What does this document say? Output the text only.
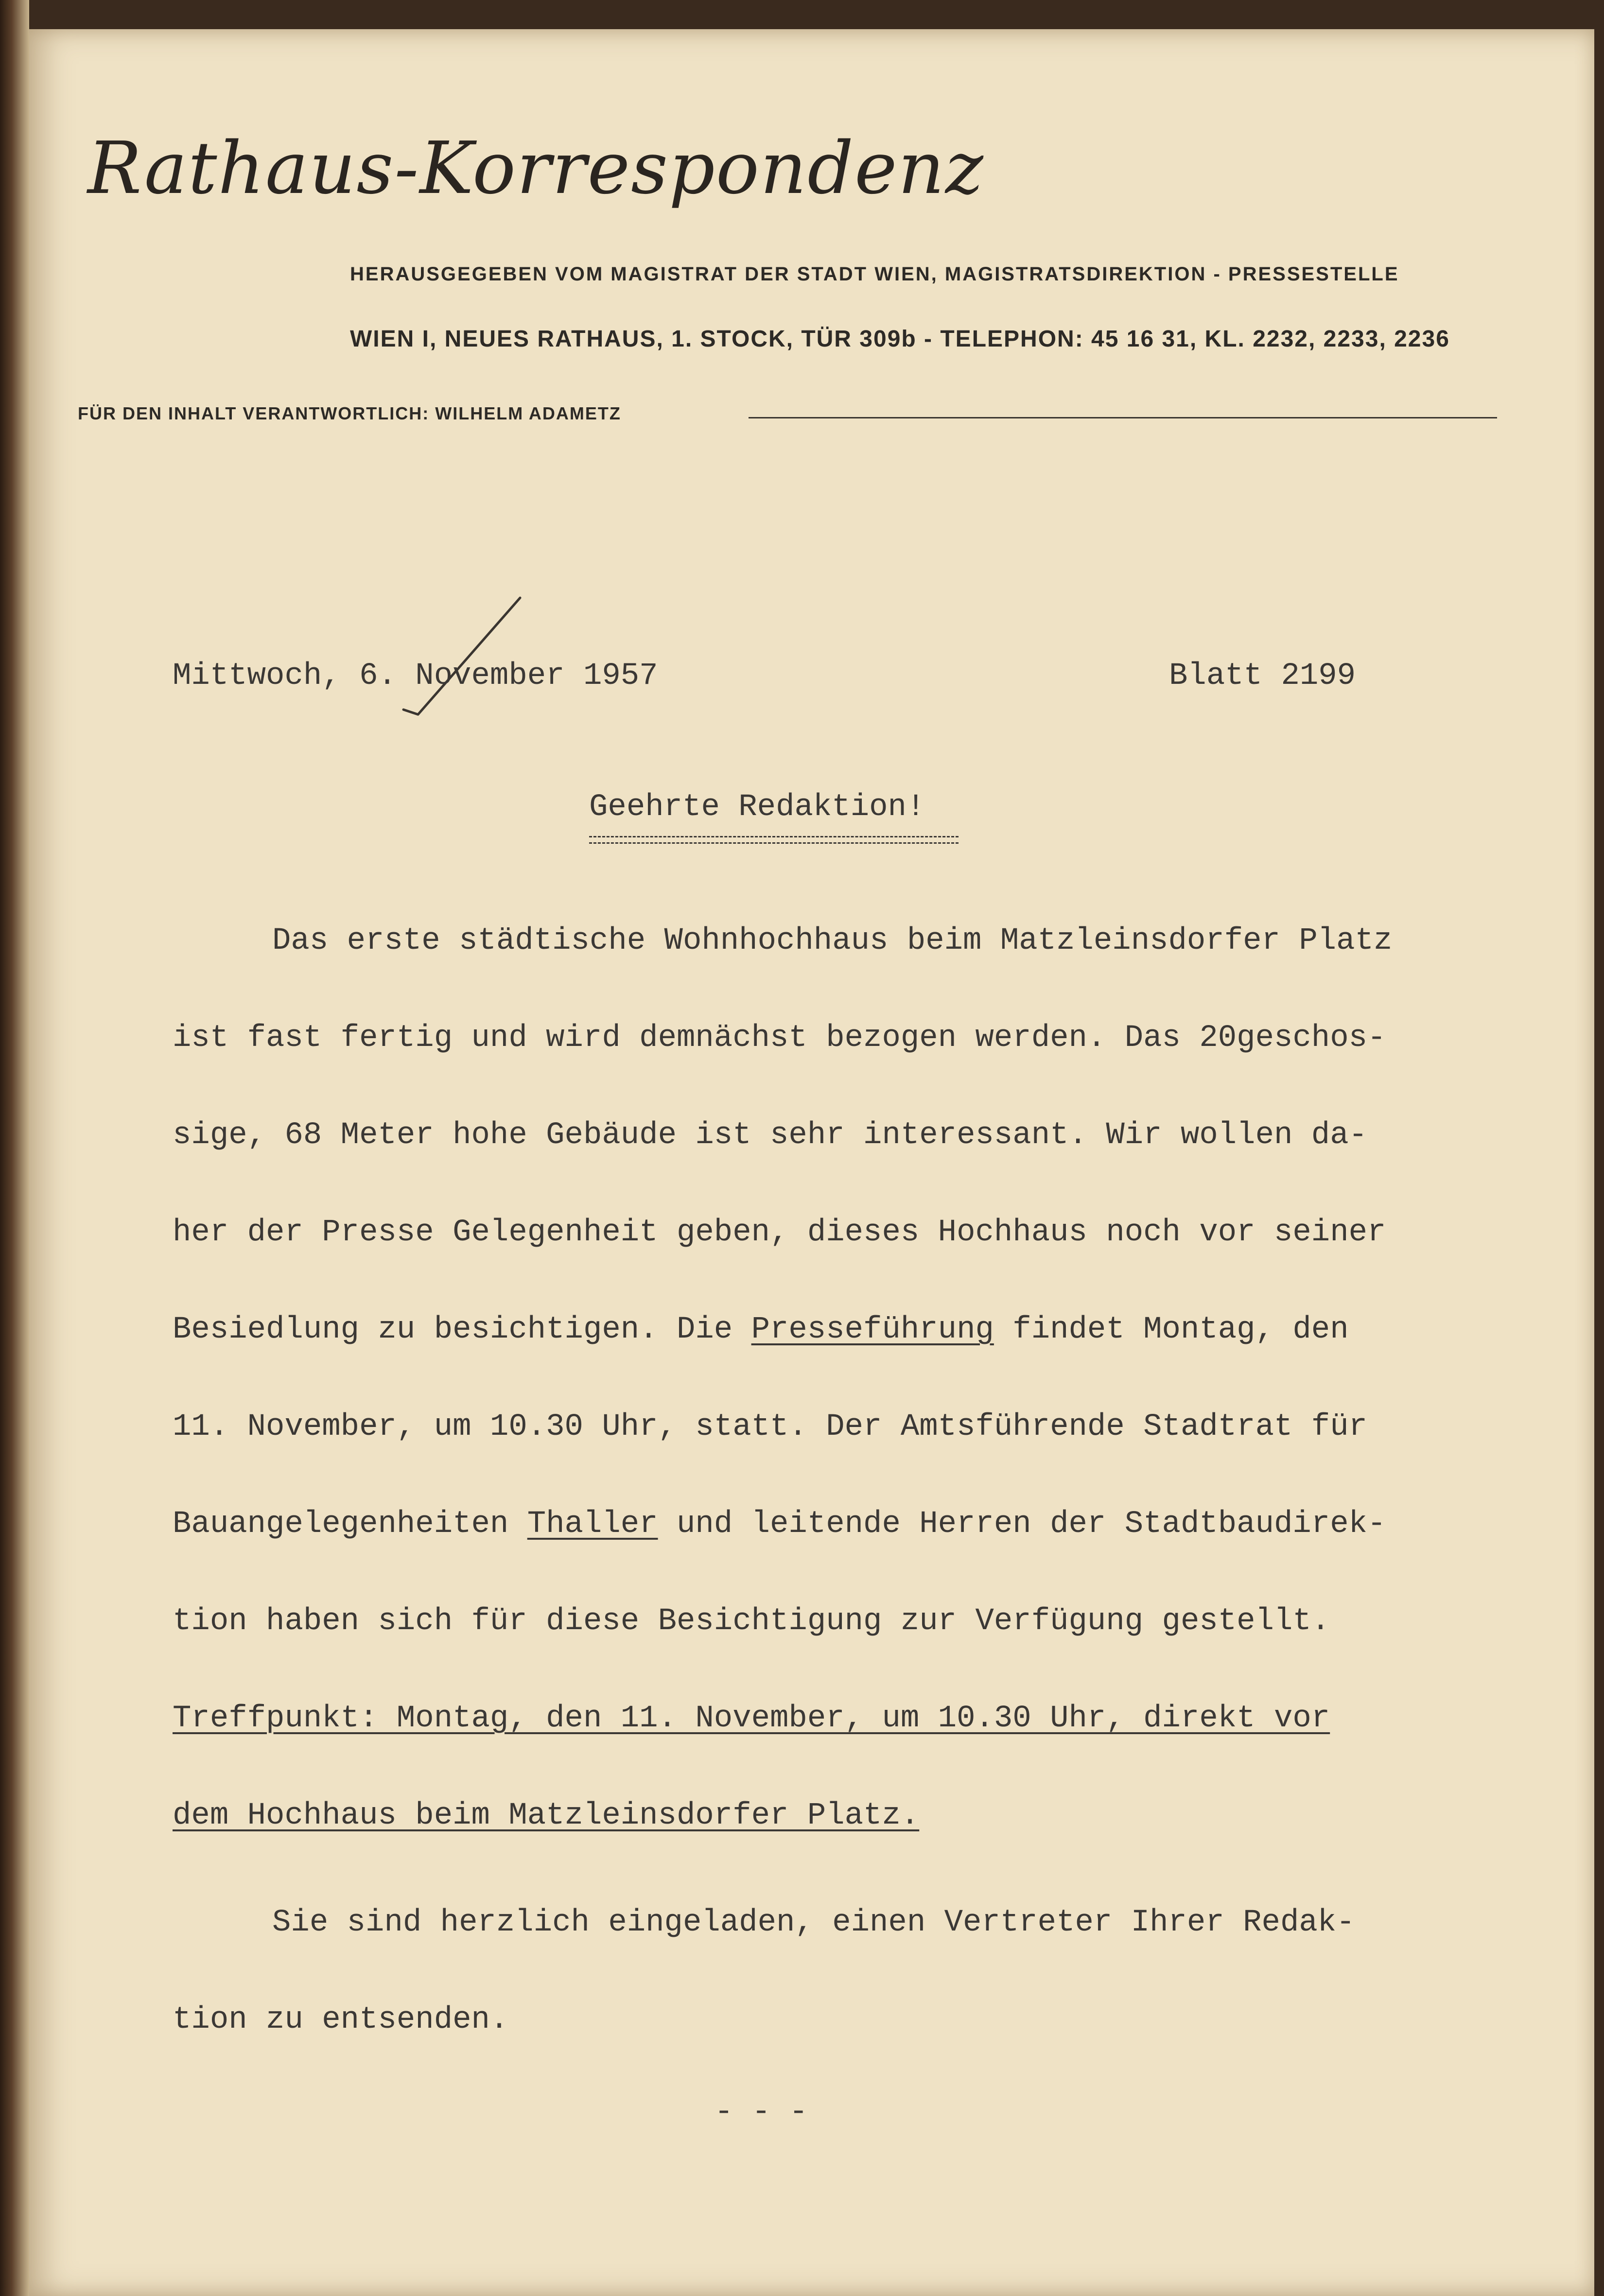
Rathaus-Korrespondenz
HERAUSGEGEBEN VOM MAGISTRAT DER STADT WIEN, MAGISTRATSDIREKTION - PRESSESTELLE
WIEN I, NEUES RATHAUS, 1. STOCK, TÜR 309b - TELEPHON: 45 16 31, KL. 2232, 2233, 2236
FÜR DEN INHALT VERANTWORTLICH: WILHELM ADAMETZ
Mittwoch, 6. November 1957	Blatt 2199
Geehrte Redaktion!
Das erste städtische Wohnhochhaus beim Matzleinsdorfer Platz
ist fast fertig und wird demnächst bezogen werden. Das 20geschos-
sige, 68 Meter hohe Gebäude ist sehr interessant. Wir wollen da-
her der Presse Gelegenheit geben, dieses Hochhaus noch vor seiner
Besiedlung zu besichtigen. Die Presseführung findet Montag, den
11. November, um 10.30 Uhr, statt. Der Amtsführende Stadtrat für
Bauangelegenheiten Thaller und leitende Herren der Stadtbaudirek-
tion haben sich für diese Besichtigung zur Verfügung gestellt.
Treffpunkt: Montag, den 11. November, um 10.30 Uhr, direkt vor
dem Hochhaus beim Matzleinsdorfer Platz.
Sie sind herzlich eingeladen, einen Vertreter Ihrer Redak-
tion zu entsenden.
- - -
